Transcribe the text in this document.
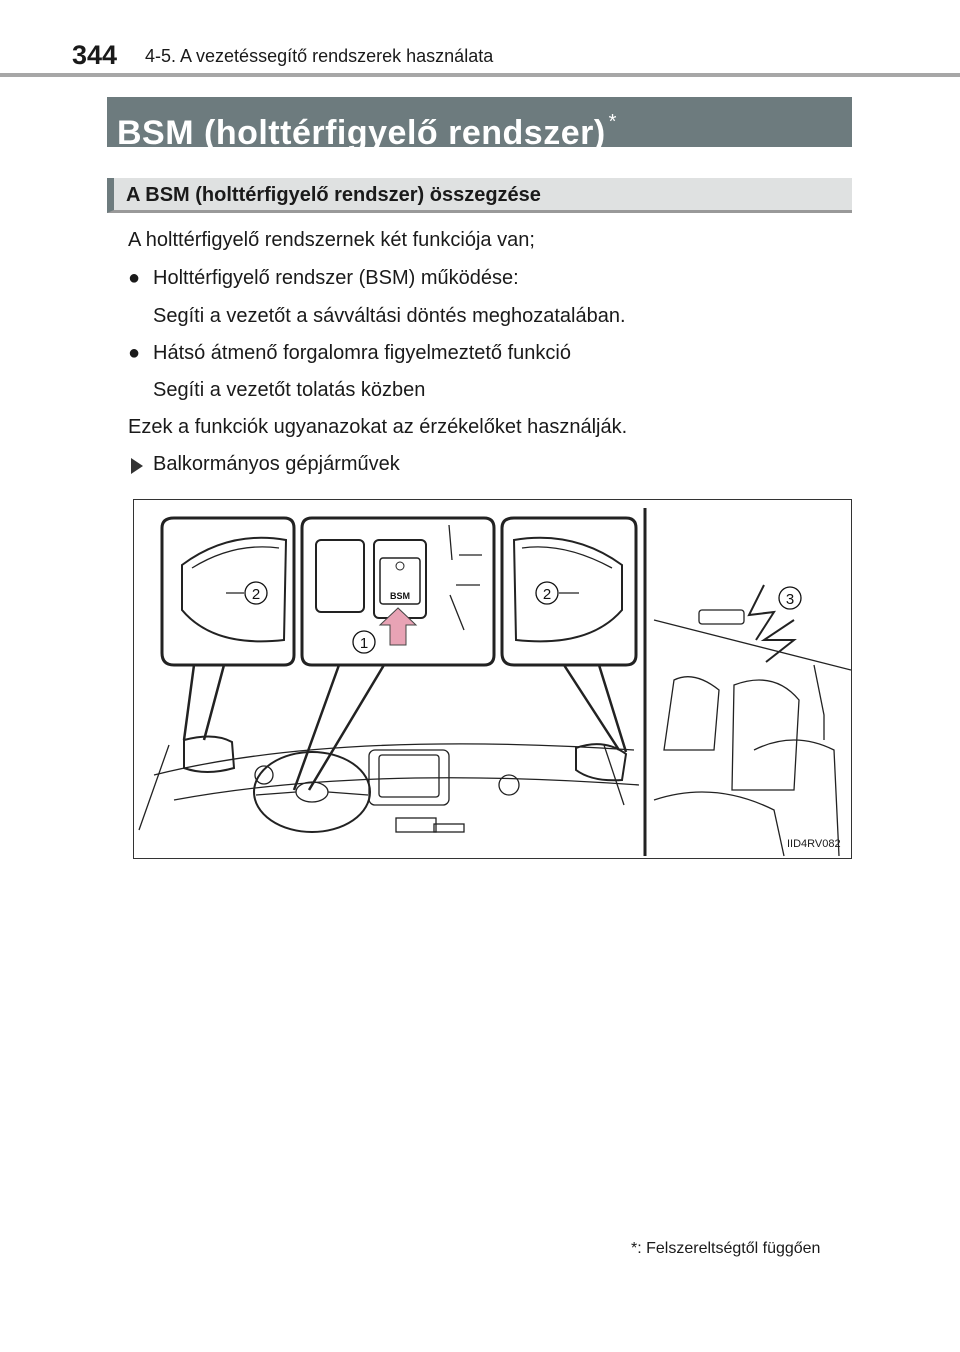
344 4-5. A vezetéssegítő rendszerek használata
BSM (holttérfigyelő rendszer) *
A BSM (holttérfigyelő rendszer) összegzése
A holttérfigyelő rendszernek két funkciója van;
● Holttérfigyelő rendszer (BSM) működése:
Segíti a vezetőt a sávváltási döntés meghozatalában.
● Hátsó átmenő forgalomra figyelmeztető funkció
Segíti a vezetőt tolatás közben
Ezek a funkciók ugyanazokat az érzékelőket használják.
Balkormányos gépjárművek
BSM
1
2	2	3
IID4RV082
*: Felszereltségtől függően
